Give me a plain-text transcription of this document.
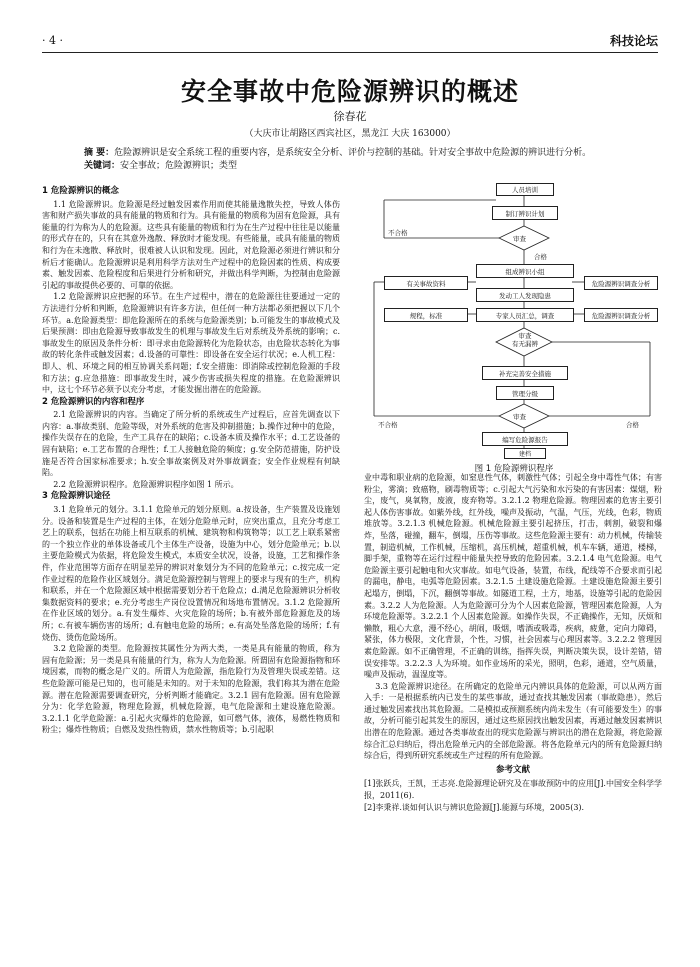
· 4 ·	科技论坛
安全事故中危险源辨识的概述
徐春花
（大庆市让胡路区西宾社区，黑龙江 大庆 163000）

摘 要：危险源辨识是安全系统工程的重要内容，是系统安全分析、评价与控制的基础。针对安全事故中危险源的辨识进行分析。

关键词：安全事故；危险源辨识；类型

1 危险源辨识的概念

1.1 危险源辨识。危险源是经过触发因素作用而使其能量逸散失控，导致人体伤害和财产损失事故的具有能量的物质和行为。具有能量的物质称为固有危险源，具有能量的行为称为人的危险源。这些具有能量的物质和行为在生产过程中往往是以能量的形式存在的，只有在其意外逸散、释放时才能发现。有些能量，或具有能量的物质和行为在未逸散、释放时，很难被人认识和发现。因此，对危险源必须进行辨识和分析后才能确认。危险源辨识是利用科学方法对生产过程中的危险因素的性质、构成要素、触发因素、危险程度和后果进行分析和研究，并做出科学判断，为控制由危险源引起的事故提供必要的、可靠的依据。

1.2 危险源辨识应把握的环节。在生产过程中，潜在的危险源往往要通过一定的方法进行分析和判断，危险源辨识有许多方法，但任何一种方法都必须把握以下几个环节。a.危险源类型：即危险源所在的系统与危险源类别；b.可能发生的事故模式及后果预测：即由危险源导致事故发生的机理与事故发生后对系统及外系统的影响；c.事故发生的原因及条件分析：即寻求由危险源转化为危险状态，由危险状态转化为事故的转化条件或触发因素；d.设备的可靠性：即设备在安全运行状况；e.人机工程：即人、机、环境之间的相互协调关系问题；f.安全措施：即消除或控制危险源的手段和方法；g.应急措施：即事故发生时，减少伤害或损失程度的措施。在危险源辨识中，这七个环节必须予以充分考虑，才能发掘出潜在的危险源。

2 危险源辨识的内容和程序

2.1 危险源辨识的内容。当确定了所分析的系统或生产过程后，应首先调查以下内容：a.事故类别、危险等级，对外系统的危害及抑制措施；b.操作过种中的危险，操作失误存在的危险，生产工具存在的缺陷；c.设备本质及操作水平；d.工艺设备的固有缺陷；e.工艺布置的合理性；f.工人接触危险的频度；g.安全防范措施，防护设施是否符合国家标准要求；h.安全事故案例及对外事故调查；安全作业规程有何缺陷。

2.2 危险源辨识程序。危险源辨识程序如图 1 所示。

3 危险源辨识途径

3.1 危险单元的划分。3.1.1 危险单元的划分原则。a.按设备，生产装置及设施划分。设备和装置是生产过程的主体，在划分危险单元时，应突出重点，且充分考虑工艺上的联系，包括在功能上相互联系的机械、建筑物和构筑物等；以工艺上联系紧密的一个独立作业的单体设备或几个主体生产设备，设施为中心，划分危险单元；b.以主要危险模式为依据，将危险发生模式，本质安全状况，设备，设施，工艺和操作条件，作业范围等方面存在明显差异的辨识对象划分为不同的危险单元；c.按完成一定作业过程的危险作业区域划分。满足危险源控制与管理上的要求与现有的生产，机构和联系，并在一个危险源区域中根据需要划分若干危险点；d.满足危险源辨识分析收集数据资料的要求；e.充分考虑生产岗位设置情况和场地布置情况。3.1.2 危险源所在作业区域的划分。a.有发生爆炸、火灾危险的场所；b.有被外部危险源危及的场所；c.有被车辆伤害的场所；d.有触电危险的场所；e.有高处坠落危险的场所；f.有烧伤、烫伤危险场所。

3.2 危险源的类型。危险源按其属性分为两大类，一类是具有能量的物质，称为固有危险源；另一类是具有能量的行为，称为人为危险源。所谓固有危险源指物和环境因素，而物的概念是广义的。所谓人为危险源，指危险行为及管理失误或差错。这些危险源可能是已知的，也可能是未知的。对于未知的危险源，我们称其为潜在危险源。潜在危险源需要调查研究，分析判断才能确定。3.2.1 固有危险源。固有危险源分为：化学危险源，物理危险源，机械危险源，电气危险源和土建设施危险源。3.2.1.1 化学危险源：a.引起火灾爆炸的危险源，如可燃气体，液体，易燃性物质和粉尘；爆炸性物质；自燃及发热性物质，禁水性物质等；b.引起职

人员培训
制订辨识计划
审查
不合格
合格
有关事故资料
组成辨识小组
危险源辨识调查分析
发动工人发现隐患
规程，标准	专家人员汇总，调查	危险源辨识调查分析
审查
有无漏辨
补充完善安全措施
管理分级
审查
不合格	合格
编写危险源报告
建档
图 1 危险源辨识程序

业中毒和职业病的危险源，如窒息性气体，刺激性气体；引起全身中毒性气体；有害粉尘，雾滴；致癌物，刷毒物质等；c.引起大气污染和水污染的有害因素：煤烟，粉尘，废气，臭氧物，废液，废弃物等。3.2.1.2 物理危险源。物理因素的危害主要引起人体伤害事故。如紫外线，红外线，噪声及振动，气温，气压，光线，色彩，物质堆放等。3.2.1.3 机械危险源。机械危险源主要引起挤压，打击，刺割，破裂和爆炸，坠落，碰撞，翻车，倒塌，压伤等事故。这些危险源主要有：动力机械，传输装置，制造机械，工作机械，压缩机，高压机械，超重机械，机车车辆，通道，楼梯，脚手架，重物等在运行过程中能量失控导致的危险因素。3.2.1.4 电气危险源。电气危险源主要引起触电和火灾事故。如电气设备，装置，布线，配线等不合要求而引起的漏电，静电，电弧等危险因素。3.2.1.5 土建设施危险源。土建设施危险源主要引起塌方，倒塌，下沉，翻倒等事故。如隧道工程，土方，地基，设施等引起的危险因素。3.2.2 人为危险源。人为危险源可分为个人因素危险源，管理因素危险源，人为环境危险源等。3.2.2.1 个人因素危险源。如操作失误，不正确操作，无知，厌烦和懒散，粗心大意，漫不经心，胡闹，吸烟，嗜酒或吸毒，疾病，疲惫，定向力障碍，紧张，体力极限，文化背景，个性，习惯，社会因素与心理因素等。3.2.2.2 管理因素危险源。如不正确管理，不正确的训练，指挥失误，判断决策失误，设计差错，错误安排等。3.2.2.3 人为环境。如作业场所的采光，照明，色彩，通道，空气质量，噪声及振动，温湿度等。

3.3 危险源辨识途径。在所确定的危险单元内辨识具体的危险源，可以从两方面入手：一是根据系统内已发生的某些事故，通过查找其触发因素（事故隐患），然后通过触发因素找出其危险源。二是模拟或预测系统内尚未发生（有可能要发生）的事故，分析可能引起其发生的原因，通过这些原因找出触发因素，再通过触发因素辨识出潜在的危险源。通过各类事故查出的现实危险源与辨识出的潜在危险源，将危险源综合汇总归纳后，得出危险单元内的全部危险源。将各危险单元内的所有危险源归纳综合后，得到所研究系统或生产过程的所有危险源。

参考文献

[1]张跃兵，王凯，王志亮.危险源理论研究及在事故预防中的应用[J].中国安全科学学报，2011(6).

[2]李秉祥.谈如何认识与辨识危险源[J].能源与环境，2005(3).
